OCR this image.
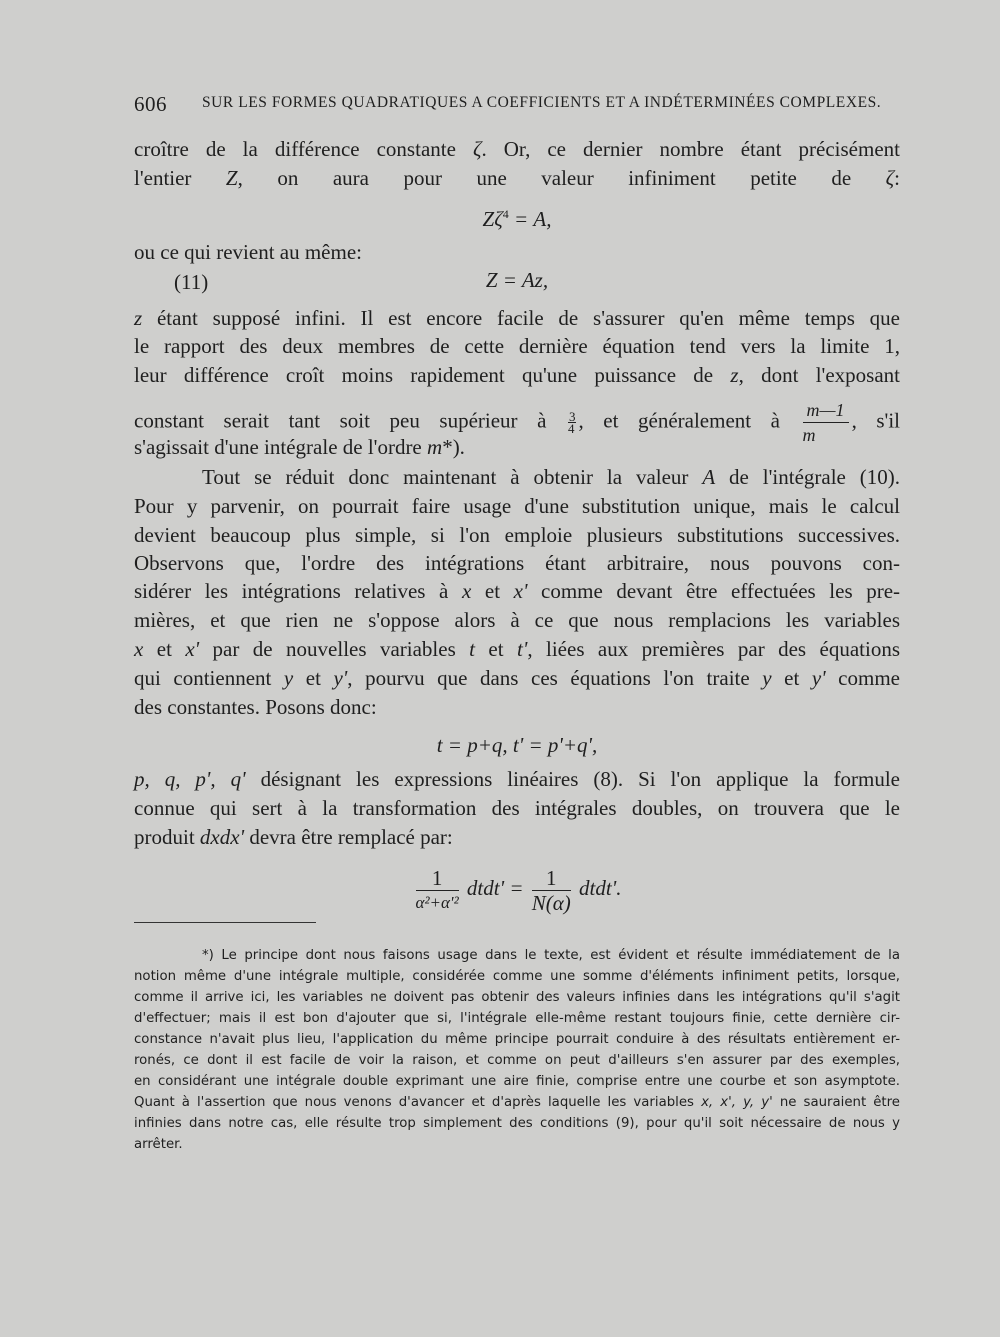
606 SUR LES FORMES QUADRATIQUES A COEFFICIENTS ET A INDÉTERMINÉES COMPLEXES.
croître de la différence constante ζ. Or, ce dernier nombre étant précisément
l'entier Z, on aura pour une valeur infiniment petite de ζ:
$Z\zeta^4 = A$,
ou ce qui revient au même:
(11)	Z = Az,
z étant supposé infini. Il est encore facile de s'assurer qu'en même temps que
le rapport des deux membres de cette dernière équation tend vers la limite 1,
leur différence croît moins rapidement qu'une puissance de z, dont l'exposant
constant serait tant soit peu supérieur à $\frac{3}{4}$, et généralement à $\frac{m—1}{m}$ , s'il
s'agissait d'une intégrale de l'ordre m*).
Tout se réduit donc maintenant à obtenir la valeur A de l'intégrale (10).
Pour y parvenir, on pourrait faire usage d'une substitution unique, mais le calcul
devient beaucoup plus simple, si l'on emploie plusieurs substitutions successives.
Observons que, l'ordre des intégrations étant arbitraire, nous pouvons con-
sidérer les intégrations relatives à x et x' comme devant être effectuées les pre-
mières, et que rien ne s'oppose alors à ce que nous remplacions les variables
x et x' par de nouvelles variables t et t', liées aux premières par des équations
qui contiennent y et y', pourvu que dans ces équations l'on traite y et y' comme
des constantes. Posons donc:
t = p+q, t' = p'+q',
p, q, p', q' désignant les expressions linéaires (8). Si l'on applique la formule
connue qui sert à la transformation des intégrales doubles, on trouvera que le
produit dxdx' devra être remplacé par:
$\frac{1}{\text{α²+α'²}}$ dtdt' = $\frac{1}{N(\alpha)}$ dtdt'.
*) Le principe dont nous faisons usage dans le texte, est évident et résulte immédiatement de la
notion même d'une intégrale multiple, considérée comme une somme d'éléments infiniment petits, lorsque,
comme il arrive ici, les variables ne doivent pas obtenir des valeurs infinies dans les intégrations qu'il s'agit
d'effectuer; mais il est bon d'ajouter que si, l'intégrale elle-même restant toujours finie, cette dernière cir-
constance n'avait plus lieu, l'application du même principe pourrait conduire à des résultats entièrement er-
ronés, ce dont il est facile de voir la raison, et comme on peut d'ailleurs s'en assurer par des exemples,
en considérant une intégrale double exprimant une aire finie, comprise entre une courbe et son asymptote.
Quant à l'assertion que nous venons d'avancer et d'après laquelle les variables x, x', y, y' ne sauraient être
infinies dans notre cas, elle résulte trop simplement des conditions (9), pour qu'il soit nécessaire de nous y
arrêter.
